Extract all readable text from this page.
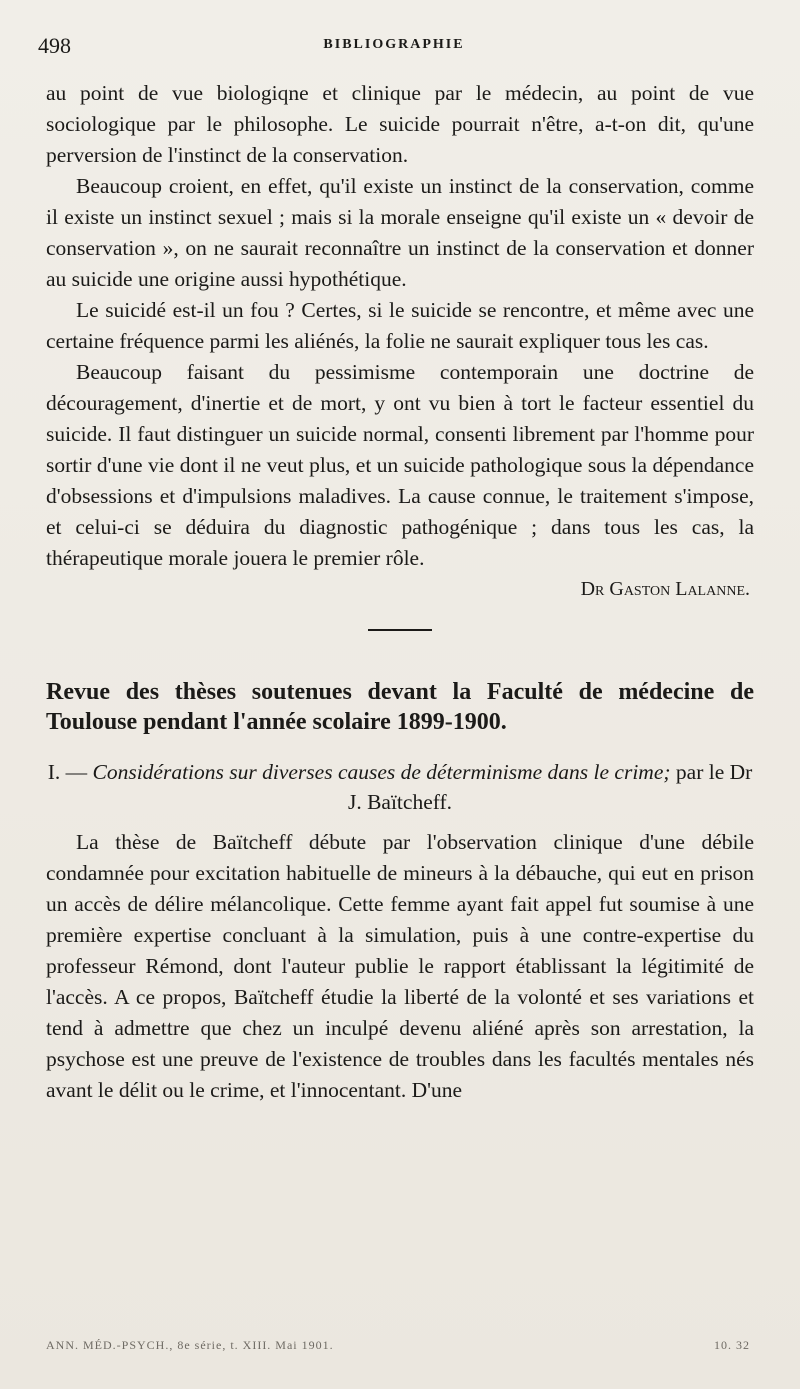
498	BIBLIOGRAPHIE

au point de vue biologiqne et clinique par le médecin, au point de vue sociologique par le philosophe. Le suicide pourrait n'être, a-t-on dit, qu'une perversion de l'instinct de la conservation.

Beaucoup croient, en effet, qu'il existe un instinct de la conservation, comme il existe un instinct sexuel ; mais si la morale enseigne qu'il existe un « devoir de conservation », on ne saurait reconnaître un instinct de la conservation et donner au suicide une origine aussi hypothétique.

Le suicidé est-il un fou ? Certes, si le suicide se rencontre, et même avec une certaine fréquence parmi les aliénés, la folie ne saurait expliquer tous les cas.

Beaucoup faisant du pessimisme contemporain une doctrine de découragement, d'inertie et de mort, y ont vu bien à tort le facteur essentiel du suicide. Il faut distinguer un suicide normal, consenti librement par l'homme pour sortir d'une vie dont il ne veut plus, et un suicide pathologique sous la dépendance d'obsessions et d'impulsions maladives. La cause connue, le traitement s'impose, et celui-ci se déduira du diagnostic pathogénique ; dans tous les cas, la thérapeutique morale jouera le premier rôle.

Dr Gaston Lalanne.

Revue des thèses soutenues devant la Faculté de médecine de Toulouse pendant l'année scolaire 1899-1900.

I. — Considérations sur diverses causes de déterminisme dans le crime; par le Dr J. Baïtcheff.

La thèse de Baïtcheff débute par l'observation clinique d'une débile condamnée pour excitation habituelle de mineurs à la débauche, qui eut en prison un accès de délire mélancolique. Cette femme ayant fait appel fut soumise à une première expertise concluant à la simulation, puis à une contre-expertise du professeur Rémond, dont l'auteur publie le rapport établissant la légitimité de l'accès. A ce propos, Baïtcheff étudie la liberté de la volonté et ses variations et tend à admettre que chez un inculpé devenu aliéné après son arrestation, la psychose est une preuve de l'existence de troubles dans les facultés mentales nés avant le délit ou le crime, et l'innocentant. D'une

ANN. MÉD.-PSYCH., 8e série, t. XIII. Mai 1901.	10. 32
